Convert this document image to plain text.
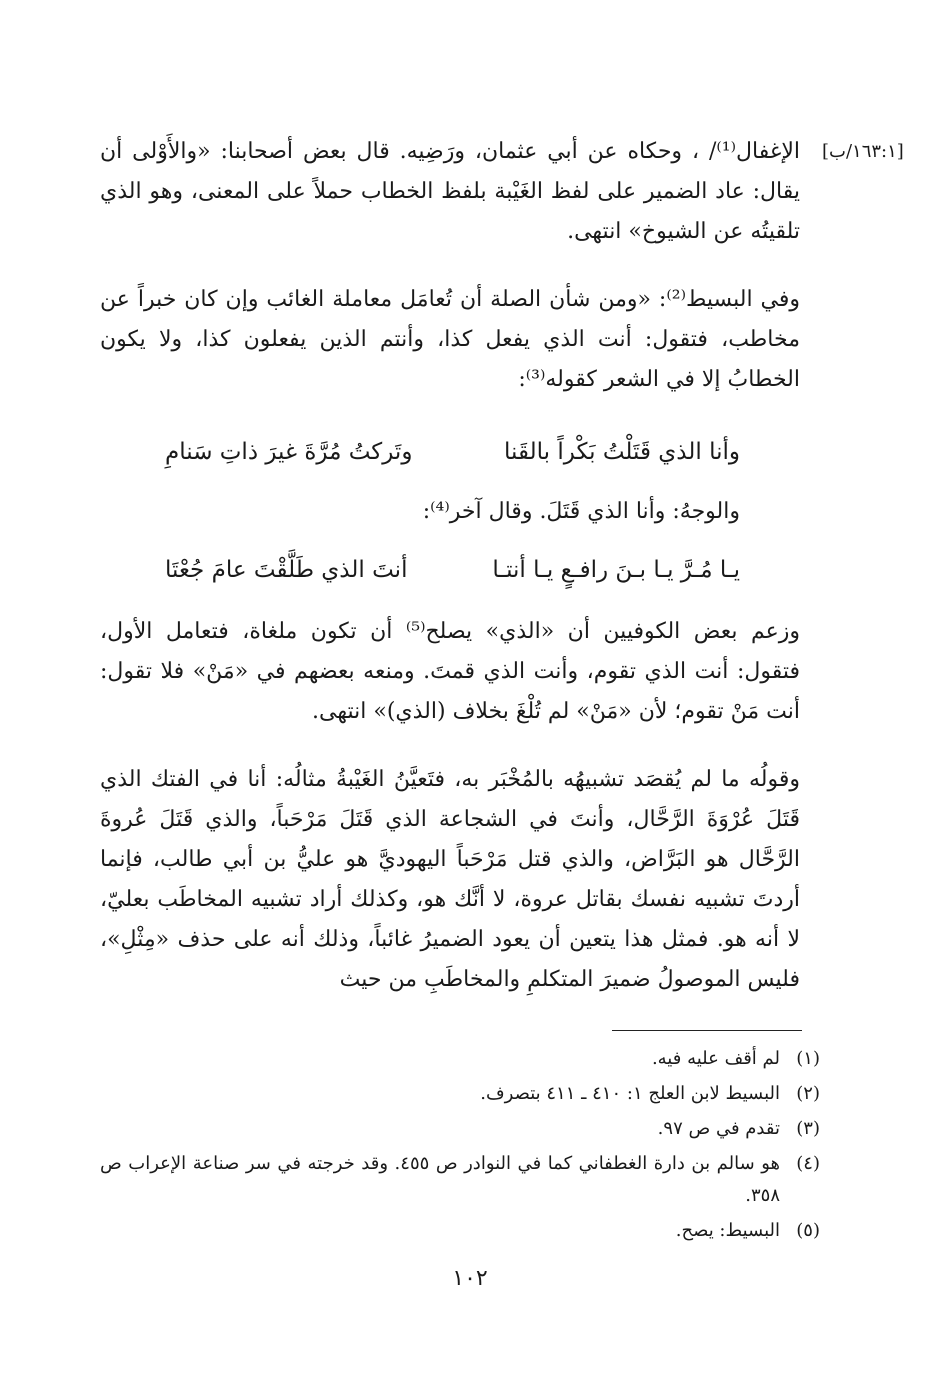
[١٦٣:١/ب]

الإغفال⁽¹⁾/ ، وحكاه عن أبي عثمان، ورَضِيه. قال بعض أصحابنا: «والأَوْلى أن يقال: عاد الضمير على لفظ الغَيْبة بلفظ الخطاب حملاً على المعنى، وهو الذي تلقيتُه عن الشيوخ» انتهى.

وفي البسيط⁽²⁾: «ومن شأن الصلة أن تُعامَل معاملة الغائب وإن كان خبراً عن مخاطب، فتقول: أنت الذي يفعل كذا، وأنتم الذين يفعلون كذا، ولا يكون الخطابُ إلا في الشعر كقوله⁽³⁾:

وأنا الذي قَتَلْتُ بَكْراً بالقَنا
وتَركتُ مُرَّةَ غيرَ ذاتِ سَنامِ
والوجهُ: وأنا الذي قَتَلَ. وقال آخر⁽⁴⁾:
يـا مُـرَّ يـا بـنَ رافـعٍ يـا أنتـا
أنتَ الذي طَلَّقْتَ عامَ جُعْتَا

وزعم بعض الكوفيين أن «الذي» يصلح⁽⁵⁾ أن تكون ملغاة، فتعامل الأول، فتقول: أنت الذي تقوم، وأنت الذي قمتَ. ومنعه بعضهم في «مَنْ» فلا تقول: أنت مَنْ تقوم؛ لأن «مَنْ» لم تُلْغَ بخلاف (الذي)» انتهى.

وقولُه ما لم يُقصَد تشبيهُه بالمُخْبَر به، فتَعيَّنُ الغَيْبةُ مثالُه: أنا في الفتك الذي قَتَلَ عُرْوَةَ الرَّحَّال، وأنتَ في الشجاعة الذي قَتَلَ مَرْحَباً، والذي قَتَلَ عُروةَ الرَّحَّال هو البَرَّاض، والذي قتل مَرْحَباً اليهوديَّ هو عليُّ بن أبي طالب، فإنما أردتَ تشبيه نفسك بقاتل عروة، لا أنَّك هو، وكذلك أراد تشبيه المخاطَب بعليّ، لا أنه هو. فمثل هذا يتعين أن يعود الضميرُ غائباً، وذلك أنه على حذف «مِثْلِ»، فليس الموصولُ ضميرَ المتكلمِ والمخاطَبِ من حيث

(١)
لم أقف عليه فيه.
(٢)
البسيط لابن العلج ١: ٤١٠ ـ ٤١١ بتصرف.
(٣)
تقدم في ص ٩٧.
(٤)
هو سالم بن دارة الغطفاني كما في النوادر ص ٤٥٥. وقد خرجته في سر صناعة الإعراب ص ٣٥٨.
(٥)
البسيط: يصح.
١٠٢
